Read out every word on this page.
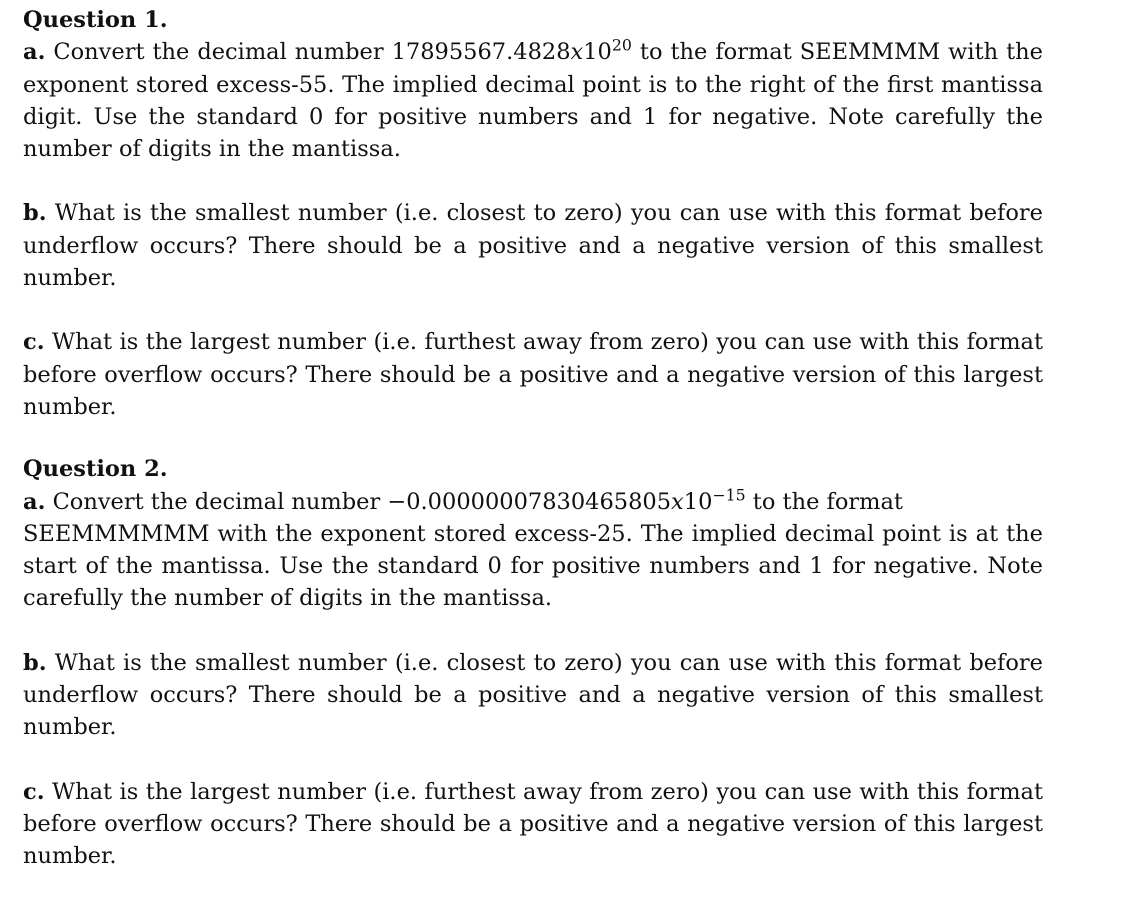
Question 1.

a. Convert the decimal number $17895567.4828x10^{20}$ to the format SEEMMMM with the exponent stored excess-55. The implied decimal point is to the right of the first mantissa digit. Use the standard 0 for positive numbers and 1 for negative. Note carefully the number of digits in the mantissa.

b. What is the smallest number (i.e. closest to zero) you can use with this format before underflow occurs? There should be a positive and a negative version of this smallest number.

c. What is the largest number (i.e. furthest away from zero) you can use with this format before overflow occurs? There should be a positive and a negative version of this largest number.

Question 2.

a. Convert the decimal number $-0.00000007830465805x10^{-15}$ to the format
SEEMMMMMM with the exponent stored excess-25. The implied decimal point is at the start of the mantissa. Use the standard 0 for positive numbers and 1 for negative. Note carefully the number of digits in the mantissa.

b. What is the smallest number (i.e. closest to zero) you can use with this format before underflow occurs? There should be a positive and a negative version of this smallest number.

c. What is the largest number (i.e. furthest away from zero) you can use with this format before overflow occurs? There should be a positive and a negative version of this largest number.
